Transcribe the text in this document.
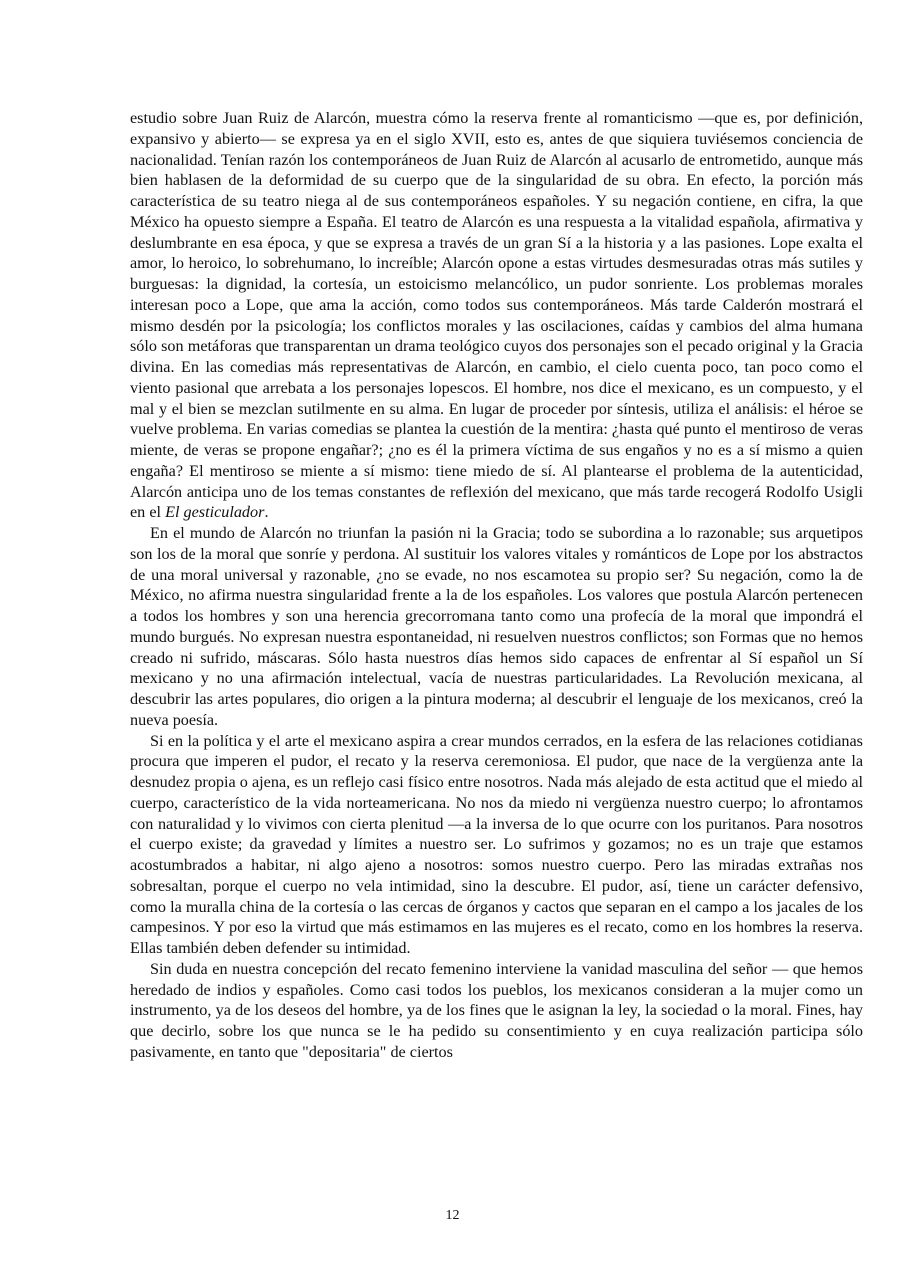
estudio sobre Juan Ruiz de Alarcón, muestra cómo la reserva frente al romanticismo —que es, por definición, expansivo y abierto— se expresa ya en el siglo XVII, esto es, antes de que siquiera tuviésemos conciencia de nacionalidad. Tenían razón los contemporáneos de Juan Ruiz de Alarcón al acusarlo de entrometido, aunque más bien hablasen de la deformidad de su cuerpo que de la singularidad de su obra. En efecto, la porción más característica de su teatro niega al de sus contemporáneos españoles. Y su negación contiene, en cifra, la que México ha opuesto siempre a España. El teatro de Alarcón es una respuesta a la vitalidad española, afirmativa y deslumbrante en esa época, y que se expresa a través de un gran Sí a la historia y a las pasiones. Lope exalta el amor, lo heroico, lo sobrehumano, lo increíble; Alarcón opone a estas virtudes desmesuradas otras más sutiles y burguesas: la dignidad, la cortesía, un estoicismo melancólico, un pudor sonriente. Los problemas morales interesan poco a Lope, que ama la acción, como todos sus contemporáneos. Más tarde Calderón mostrará el mismo desdén por la psicología; los conflictos morales y las oscilaciones, caídas y cambios del alma humana sólo son metáforas que transparentan un drama teológico cuyos dos personajes son el pecado original y la Gracia divina. En las comedias más representativas de Alarcón, en cambio, el cielo cuenta poco, tan poco como el viento pasional que arrebata a los personajes lopescos. El hombre, nos dice el mexicano, es un compuesto, y el mal y el bien se mezclan sutilmente en su alma. En lugar de proceder por síntesis, utiliza el análisis: el héroe se vuelve problema. En varias comedias se plantea la cuestión de la mentira: ¿hasta qué punto el mentiroso de veras miente, de veras se propone engañar?; ¿no es él la primera víctima de sus engaños y no es a sí mismo a quien engaña? El mentiroso se miente a sí mismo: tiene miedo de sí. Al plantearse el problema de la autenticidad, Alarcón anticipa uno de los temas constantes de reflexión del mexicano, que más tarde recogerá Rodolfo Usigli en el El gesticulador.

En el mundo de Alarcón no triunfan la pasión ni la Gracia; todo se subordina a lo razonable; sus arquetipos son los de la moral que sonríe y perdona. Al sustituir los valores vitales y románticos de Lope por los abstractos de una moral universal y razonable, ¿no se evade, no nos escamotea su propio ser? Su negación, como la de México, no afirma nuestra singularidad frente a la de los españoles. Los valores que postula Alarcón pertenecen a todos los hombres y son una herencia grecorromana tanto como una profecía de la moral que impondrá el mundo burgués. No expresan nuestra espontaneidad, ni resuelven nuestros conflictos; son Formas que no hemos creado ni sufrido, máscaras. Sólo hasta nuestros días hemos sido capaces de enfrentar al Sí español un Sí mexicano y no una afirmación intelectual, vacía de nuestras particularidades. La Revolución mexicana, al descubrir las artes populares, dio origen a la pintura moderna; al descubrir el lenguaje de los mexicanos, creó la nueva poesía.

Si en la política y el arte el mexicano aspira a crear mundos cerrados, en la esfera de las relaciones cotidianas procura que imperen el pudor, el recato y la reserva ceremoniosa. El pudor, que nace de la vergüenza ante la desnudez propia o ajena, es un reflejo casi físico entre nosotros. Nada más alejado de esta actitud que el miedo al cuerpo, característico de la vida norteamericana. No nos da miedo ni vergüenza nuestro cuerpo; lo afrontamos con naturalidad y lo vivimos con cierta plenitud —a la inversa de lo que ocurre con los puritanos. Para nosotros el cuerpo existe; da gravedad y límites a nuestro ser. Lo sufrimos y gozamos; no es un traje que estamos acostumbrados a habitar, ni algo ajeno a nosotros: somos nuestro cuerpo. Pero las miradas extrañas nos sobresaltan, porque el cuerpo no vela intimidad, sino la descubre. El pudor, así, tiene un carácter defensivo, como la muralla china de la cortesía o las cercas de órganos y cactos que separan en el campo a los jacales de los campesinos. Y por eso la virtud que más estimamos en las mujeres es el recato, como en los hombres la reserva. Ellas también deben defender su intimidad.

Sin duda en nuestra concepción del recato femenino interviene la vanidad masculina del señor — que hemos heredado de indios y españoles. Como casi todos los pueblos, los mexicanos consideran a la mujer como un instrumento, ya de los deseos del hombre, ya de los fines que le asignan la ley, la sociedad o la moral. Fines, hay que decirlo, sobre los que nunca se le ha pedido su consentimiento y en cuya realización participa sólo pasivamente, en tanto que "depositaria" de ciertos

12
